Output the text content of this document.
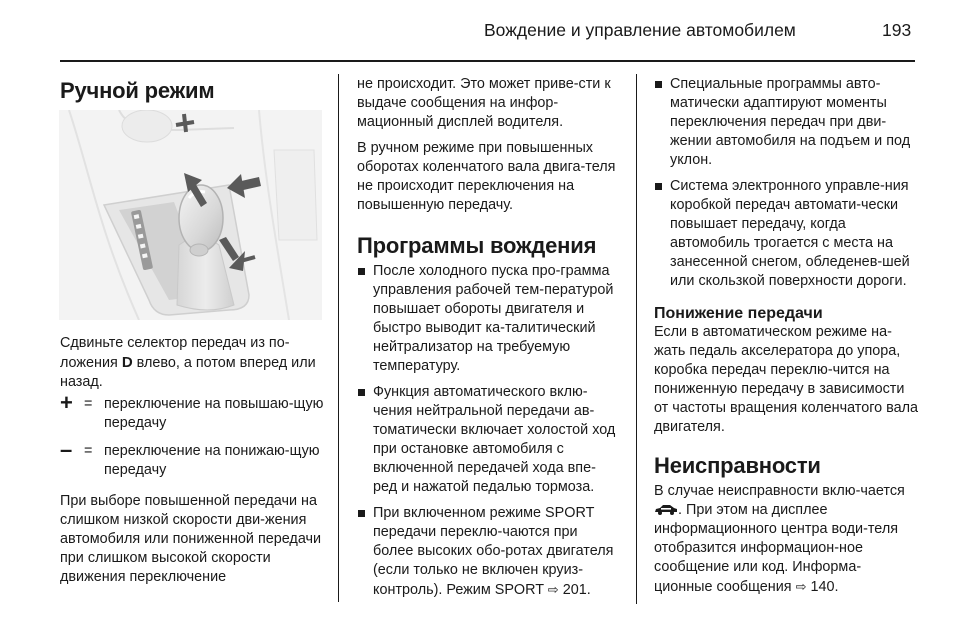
Вождение и управление автомобилем	193
Ручной режим

Сдвиньте селектор передач из по-ложения D влево, а потом вперед или назад.

+ = переключение на повышаю-щую передачу
– = переключение на понижаю-щую передачу

При выборе повышенной передачи на слишком низкой скорости дви-жения автомобиля или пониженной передачи при слишком высокой скорости движения переключение

не происходит. Это может приве-сти к выдаче сообщения на инфор-мационный дисплей водителя.

В ручном режиме при повышенных оборотах коленчатого вала двига-теля не происходит переключения на повышенную передачу.

Программы вождения
После холодного пуска про-грамма управления рабочей тем-пературой повышает обороты двигателя и быстро выводит ка-талитический нейтрализатор на требуемую температуру.
Функция автоматического вклю-чения нейтральной передачи ав-томатически включает холостой ход при остановке автомобиля с включенной передачей хода впе-ред и нажатой педалью тормоза.
При включенном режиме SPORT передачи переклю-чаются при более высоких обо-ротах двигателя (если только не включен круиз-контроль). Режим SPORT ⇨ 201.
Специальные программы авто-матически адаптируют моменты переключения передач при дви-жении автомобиля на подъем и под уклон.
Система электронного управле-ния коробкой передач автомати-чески повышает передачу, когда автомобиль трогается с места на занесенной снегом, обледенев-шей или скользкой поверхности дороги.
Понижение передачи

Если в автоматическом режиме на-жать педаль акселератора до упора, коробка передач переклю-чится на пониженную передачу в зависимости от частоты вращения коленчатого вала двигателя.

Неисправности

В случае неисправности вклю-чается . При этом на дисплее информационного центра води-теля отобразится информацион-ное сообщение или код. Информа-ционные сообщения ⇨ 140.
